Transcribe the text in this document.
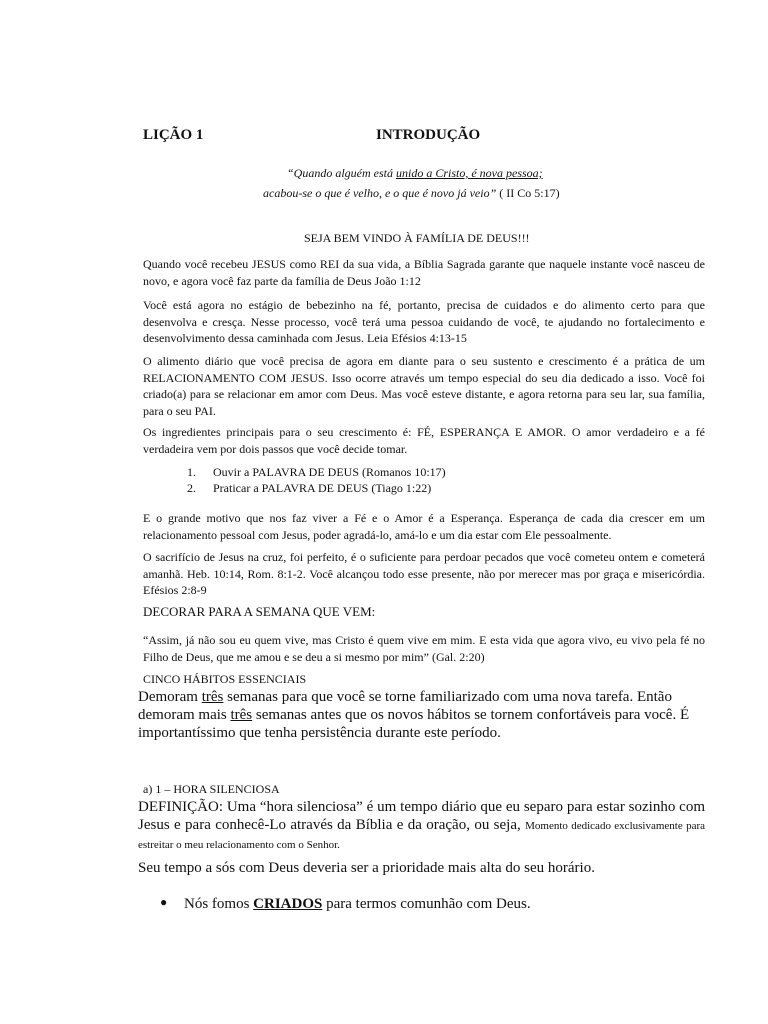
LIÇÃO 1	INTRODUÇÃO
“Quando alguém está unido a Cristo, é nova pessoa;
acabou-se o que é velho, e o que é novo já veio” ( II Co 5:17)
SEJA BEM VINDO À FAMÍLIA DE DEUS!!!

Quando você recebeu JESUS como REI da sua vida, a Bíblia Sagrada garante que naquele instante você nasceu de novo, e agora você faz parte da família de Deus João 1:12

Você está agora no estágio de bebezinho na fé, portanto, precisa de cuidados e do alimento certo para que desenvolva e cresça. Nesse processo, você terá uma pessoa cuidando de você, te ajudando no fortalecimento e desenvolvimento dessa caminhada com Jesus. Leia Efésios 4:13-15

O alimento diário que você precisa de agora em diante para o seu sustento e crescimento é a prática de um RELACIONAMENTO COM JESUS. Isso ocorre através um tempo especial do seu dia dedicado a isso. Você foi criado(a) para se relacionar em amor com Deus. Mas você esteve distante, e agora retorna para seu lar, sua família, para o seu PAI.

Os ingredientes principais para o seu crescimento é: FÉ, ESPERANÇA E AMOR. O amor verdadeiro e a fé verdadeira vem por dois passos que você decide tomar.

1. Ouvir a PALAVRA DE DEUS (Romanos 10:17)
2. Praticar a PALAVRA DE DEUS (Tiago 1:22)

E o grande motivo que nos faz viver a Fé e o Amor é a Esperança. Esperança de cada dia crescer em um relacionamento pessoal com Jesus, poder agradá-lo, amá-lo e um dia estar com Ele pessoalmente.

O sacrifício de Jesus na cruz, foi perfeito, é o suficiente para perdoar pecados que você cometeu ontem e cometerá amanhã. Heb. 10:14, Rom. 8:1-2. Você alcançou todo esse presente, não por merecer mas por graça e misericórdia. Efésios 2:8-9

DECORAR PARA A SEMANA QUE VEM:

“Assim, já não sou eu quem vive, mas Cristo é quem vive em mim. E esta vida que agora vivo, eu vivo pela fé no Filho de Deus, que me amou e se deu a si mesmo por mim” (Gal. 2:20)

CINCO HÁBITOS ESSENCIAIS

Demoram três semanas para que você se torne familiarizado com uma nova tarefa. Então demoram mais três semanas antes que os novos hábitos se tornem confortáveis para você. É importantíssimo que tenha persistência durante este período.

a) 1 – HORA SILENCIOSA

DEFINIÇÃO: Uma “hora silenciosa” é um tempo diário que eu separo para estar sozinho com Jesus e para conhecê-Lo através da Bíblia e da oração, ou seja, Momento dedicado exclusivamente para estreitar o meu relacionamento com o Senhor.

Seu tempo a sós com Deus deveria ser a prioridade mais alta do seu horário.
● Nós fomos CRIADOS para termos comunhão com Deus.
